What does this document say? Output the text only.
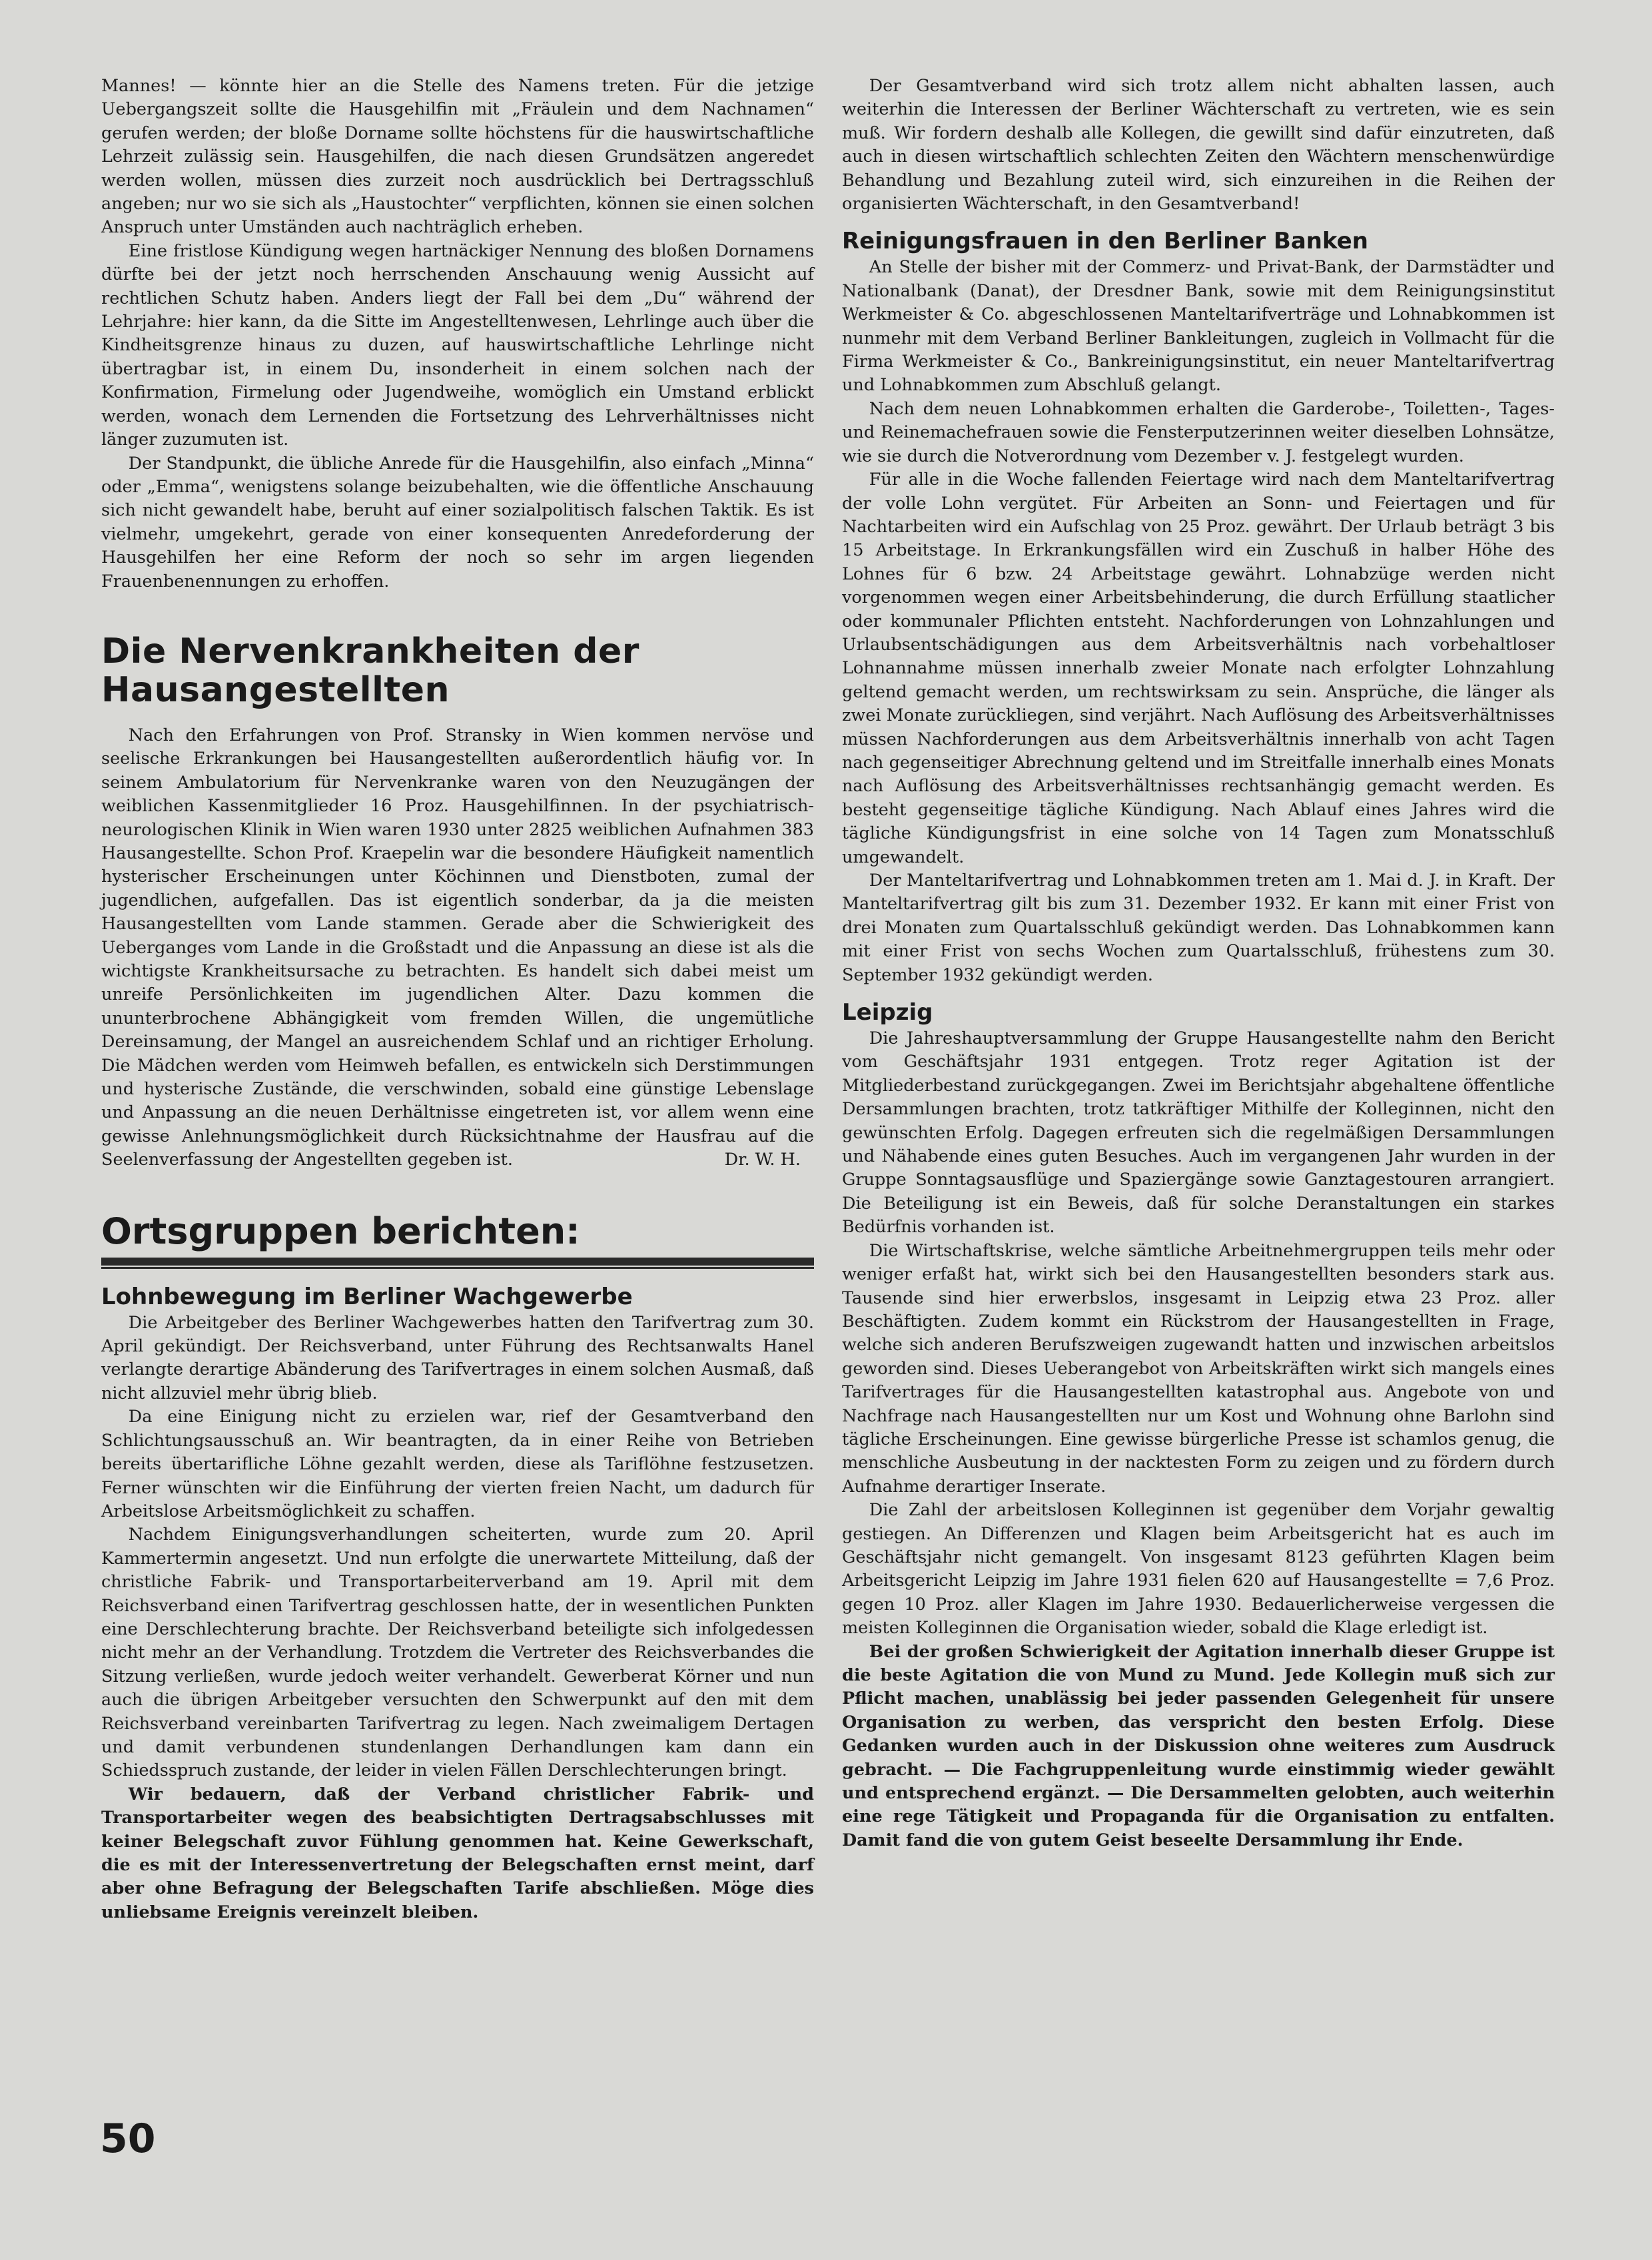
Mannes! — könnte hier an die Stelle des Namens treten. Für die jetzige Uebergangszeit sollte die Hausgehilfin mit „Fräulein und dem Nachnamen“ gerufen werden; der bloße Dorname sollte höchstens für die hauswirtschaftliche Lehrzeit zulässig sein. Hausgehilfen, die nach diesen Grundsätzen angeredet werden wollen, müssen dies zurzeit noch ausdrücklich bei Dertragsschluß angeben; nur wo sie sich als „Haustochter“ verpflichten, können sie einen solchen Anspruch unter Umständen auch nachträglich erheben.

Eine fristlose Kündigung wegen hartnäckiger Nennung des bloßen Dornamens dürfte bei der jetzt noch herrschenden Anschauung wenig Aussicht auf rechtlichen Schutz haben. Anders liegt der Fall bei dem „Du“ während der Lehrjahre: hier kann, da die Sitte im Angestelltenwesen, Lehrlinge auch über die Kindheitsgrenze hinaus zu duzen, auf hauswirtschaftliche Lehrlinge nicht übertragbar ist, in einem Du, insonderheit in einem solchen nach der Konfirmation, Firmelung oder Jugendweihe, womöglich ein Umstand erblickt werden, wonach dem Lernenden die Fortsetzung des Lehrverhältnisses nicht länger zuzumuten ist.

Der Standpunkt, die übliche Anrede für die Hausgehilfin, also einfach „Minna“ oder „Emma“, wenigstens solange beizubehalten, wie die öffentliche Anschauung sich nicht gewandelt habe, beruht auf einer sozialpolitisch falschen Taktik. Es ist vielmehr, umgekehrt, gerade von einer konsequenten Anredeforderung der Hausgehilfen her eine Reform der noch so sehr im argen liegenden Frauenbenennungen zu erhoffen.

Die Nervenkrankheiten der Hausangestellten

Nach den Erfahrungen von Prof. Stransky in Wien kommen nervöse und seelische Erkrankungen bei Hausangestellten außerordentlich häufig vor. In seinem Ambulatorium für Nervenkranke waren von den Neuzugängen der weiblichen Kassenmitglieder 16 Proz. Hausgehilfinnen. In der psychiatrisch-neurologischen Klinik in Wien waren 1930 unter 2825 weiblichen Aufnahmen 383 Hausangestellte. Schon Prof. Kraepelin war die besondere Häufigkeit namentlich hysterischer Erscheinungen unter Köchinnen und Dienstboten, zumal der jugendlichen, aufgefallen. Das ist eigentlich sonderbar, da ja die meisten Hausangestellten vom Lande stammen. Gerade aber die Schwierigkeit des Ueberganges vom Lande in die Großstadt und die Anpassung an diese ist als die wichtigste Krankheitsursache zu betrachten. Es handelt sich dabei meist um unreife Persönlichkeiten im jugendlichen Alter. Dazu kommen die ununterbrochene Abhängigkeit vom fremden Willen, die ungemütliche Dereinsamung, der Mangel an ausreichendem Schlaf und an richtiger Erholung. Die Mädchen werden vom Heimweh befallen, es entwickeln sich Derstimmungen und hysterische Zustände, die verschwinden, sobald eine günstige Lebenslage und Anpassung an die neuen Derhältnisse eingetreten ist, vor allem wenn eine gewisse Anlehnungsmöglichkeit durch Rücksichtnahme der Hausfrau auf die Seelenverfassung der Angestellten gegeben ist.	Dr. W. H.

Ortsgruppen berichten:
Lohnbewegung im Berliner Wachgewerbe

Die Arbeitgeber des Berliner Wachgewerbes hatten den Tarifvertrag zum 30. April gekündigt. Der Reichsverband, unter Führung des Rechtsanwalts Hanel verlangte derartige Abänderung des Tarifvertrages in einem solchen Ausmaß, daß nicht allzuviel mehr übrig blieb.

Da eine Einigung nicht zu erzielen war, rief der Gesamtverband den Schlichtungsausschuß an. Wir beantragten, da in einer Reihe von Betrieben bereits übertarifliche Löhne gezahlt werden, diese als Tariflöhne festzusetzen. Ferner wünschten wir die Einführung der vierten freien Nacht, um dadurch für Arbeitslose Arbeitsmöglichkeit zu schaffen.

Nachdem Einigungsverhandlungen scheiterten, wurde zum 20. April Kammertermin angesetzt. Und nun erfolgte die unerwartete Mitteilung, daß der christliche Fabrik- und Transportarbeiterverband am 19. April mit dem Reichsverband einen Tarifvertrag geschlossen hatte, der in wesentlichen Punkten eine Derschlechterung brachte. Der Reichsverband beteiligte sich infolgedessen nicht mehr an der Verhandlung. Trotzdem die Vertreter des Reichsverbandes die Sitzung verließen, wurde jedoch weiter verhandelt. Gewerberat Körner und nun auch die übrigen Arbeitgeber versuchten den Schwerpunkt auf den mit dem Reichsverband vereinbarten Tarifvertrag zu legen. Nach zweimaligem Dertagen und damit verbundenen stundenlangen Derhandlungen kam dann ein Schiedsspruch zustande, der leider in vielen Fällen Derschlechterungen bringt.

Wir bedauern, daß der Verband christlicher Fabrik- und Transportarbeiter wegen des beabsichtigten Dertragsabschlusses mit keiner Belegschaft zuvor Fühlung genommen hat. Keine Gewerkschaft, die es mit der Interessenvertretung der Belegschaften ernst meint, darf aber ohne Befragung der Belegschaften Tarife abschließen. Möge dies unliebsame Ereignis vereinzelt bleiben.

Der Gesamtverband wird sich trotz allem nicht abhalten lassen, auch weiterhin die Interessen der Berliner Wächterschaft zu vertreten, wie es sein muß. Wir fordern deshalb alle Kollegen, die gewillt sind dafür einzutreten, daß auch in diesen wirtschaftlich schlechten Zeiten den Wächtern menschenwürdige Behandlung und Bezahlung zuteil wird, sich einzureihen in die Reihen der organisierten Wächterschaft, in den Gesamtverband!

Reinigungsfrauen in den Berliner Banken

An Stelle der bisher mit der Commerz- und Privat-Bank, der Darmstädter und Nationalbank (Danat), der Dresdner Bank, sowie mit dem Reinigungsinstitut Werkmeister & Co. abgeschlossenen Manteltarifverträge und Lohnabkommen ist nunmehr mit dem Verband Berliner Bankleitungen, zugleich in Vollmacht für die Firma Werkmeister & Co., Bankreinigungsinstitut, ein neuer Manteltarifvertrag und Lohnabkommen zum Abschluß gelangt.

Nach dem neuen Lohnabkommen erhalten die Garderobe-, Toiletten-, Tages- und Reinemachefrauen sowie die Fensterputzerinnen weiter dieselben Lohnsätze, wie sie durch die Notverordnung vom Dezember v. J. festgelegt wurden.

Für alle in die Woche fallenden Feiertage wird nach dem Manteltarifvertrag der volle Lohn vergütet. Für Arbeiten an Sonn- und Feiertagen und für Nachtarbeiten wird ein Aufschlag von 25 Proz. gewährt. Der Urlaub beträgt 3 bis 15 Arbeitstage. In Erkrankungsfällen wird ein Zuschuß in halber Höhe des Lohnes für 6 bzw. 24 Arbeitstage gewährt. Lohnabzüge werden nicht vorgenommen wegen einer Arbeitsbehinderung, die durch Erfüllung staatlicher oder kommunaler Pflichten entsteht. Nachforderungen von Lohnzahlungen und Urlaubsentschädigungen aus dem Arbeitsverhältnis nach vorbehaltloser Lohnannahme müssen innerhalb zweier Monate nach erfolgter Lohnzahlung geltend gemacht werden, um rechtswirksam zu sein. Ansprüche, die länger als zwei Monate zurückliegen, sind verjährt. Nach Auflösung des Arbeitsverhältnisses müssen Nachforderungen aus dem Arbeitsverhältnis innerhalb von acht Tagen nach gegenseitiger Abrechnung geltend und im Streitfalle innerhalb eines Monats nach Auflösung des Arbeitsverhältnisses rechtsanhängig gemacht werden. Es besteht gegenseitige tägliche Kündigung. Nach Ablauf eines Jahres wird die tägliche Kündigungsfrist in eine solche von 14 Tagen zum Monatsschluß umgewandelt.

Der Manteltarifvertrag und Lohnabkommen treten am 1. Mai d. J. in Kraft. Der Manteltarifvertrag gilt bis zum 31. Dezember 1932. Er kann mit einer Frist von drei Monaten zum Quartalsschluß gekündigt werden. Das Lohnabkommen kann mit einer Frist von sechs Wochen zum Quartalsschluß, frühestens zum 30. September 1932 gekündigt werden.

Leipzig

Die Jahreshauptversammlung der Gruppe Hausangestellte nahm den Bericht vom Geschäftsjahr 1931 entgegen. Trotz reger Agitation ist der Mitgliederbestand zurückgegangen. Zwei im Berichtsjahr abgehaltene öffentliche Dersammlungen brachten, trotz tatkräftiger Mithilfe der Kolleginnen, nicht den gewünschten Erfolg. Dagegen erfreuten sich die regelmäßigen Dersammlungen und Nähabende eines guten Besuches. Auch im vergangenen Jahr wurden in der Gruppe Sonntagsausflüge und Spaziergänge sowie Ganztagestouren arrangiert. Die Beteiligung ist ein Beweis, daß für solche Deranstaltungen ein starkes Bedürfnis vorhanden ist.

Die Wirtschaftskrise, welche sämtliche Arbeitnehmergruppen teils mehr oder weniger erfaßt hat, wirkt sich bei den Hausangestellten besonders stark aus. Tausende sind hier erwerbslos, insgesamt in Leipzig etwa 23 Proz. aller Beschäftigten. Zudem kommt ein Rückstrom der Hausangestellten in Frage, welche sich anderen Berufszweigen zugewandt hatten und inzwischen arbeitslos geworden sind. Dieses Ueberangebot von Arbeitskräften wirkt sich mangels eines Tarifvertrages für die Hausangestellten katastrophal aus. Angebote von und Nachfrage nach Hausangestellten nur um Kost und Wohnung ohne Barlohn sind tägliche Erscheinungen. Eine gewisse bürgerliche Presse ist schamlos genug, die menschliche Ausbeutung in der nacktesten Form zu zeigen und zu fördern durch Aufnahme derartiger Inserate.

Die Zahl der arbeitslosen Kolleginnen ist gegenüber dem Vorjahr gewaltig gestiegen. An Differenzen und Klagen beim Arbeitsgericht hat es auch im Geschäftsjahr nicht gemangelt. Von insgesamt 8123 geführten Klagen beim Arbeitsgericht Leipzig im Jahre 1931 fielen 620 auf Hausangestellte = 7,6 Proz. gegen 10 Proz. aller Klagen im Jahre 1930. Bedauerlicherweise vergessen die meisten Kolleginnen die Organisation wieder, sobald die Klage erledigt ist.

Bei der großen Schwierigkeit der Agitation innerhalb dieser Gruppe ist die beste Agitation die von Mund zu Mund. Jede Kollegin muß sich zur Pflicht machen, unablässig bei jeder passenden Gelegenheit für unsere Organisation zu werben, das verspricht den besten Erfolg. Diese Gedanken wurden auch in der Diskussion ohne weiteres zum Ausdruck gebracht. — Die Fachgruppenleitung wurde einstimmig wieder gewählt und entsprechend ergänzt. — Die Dersammelten gelobten, auch weiterhin eine rege Tätigkeit und Propaganda für die Organisation zu entfalten. Damit fand die von gutem Geist beseelte Dersammlung ihr Ende.

50
